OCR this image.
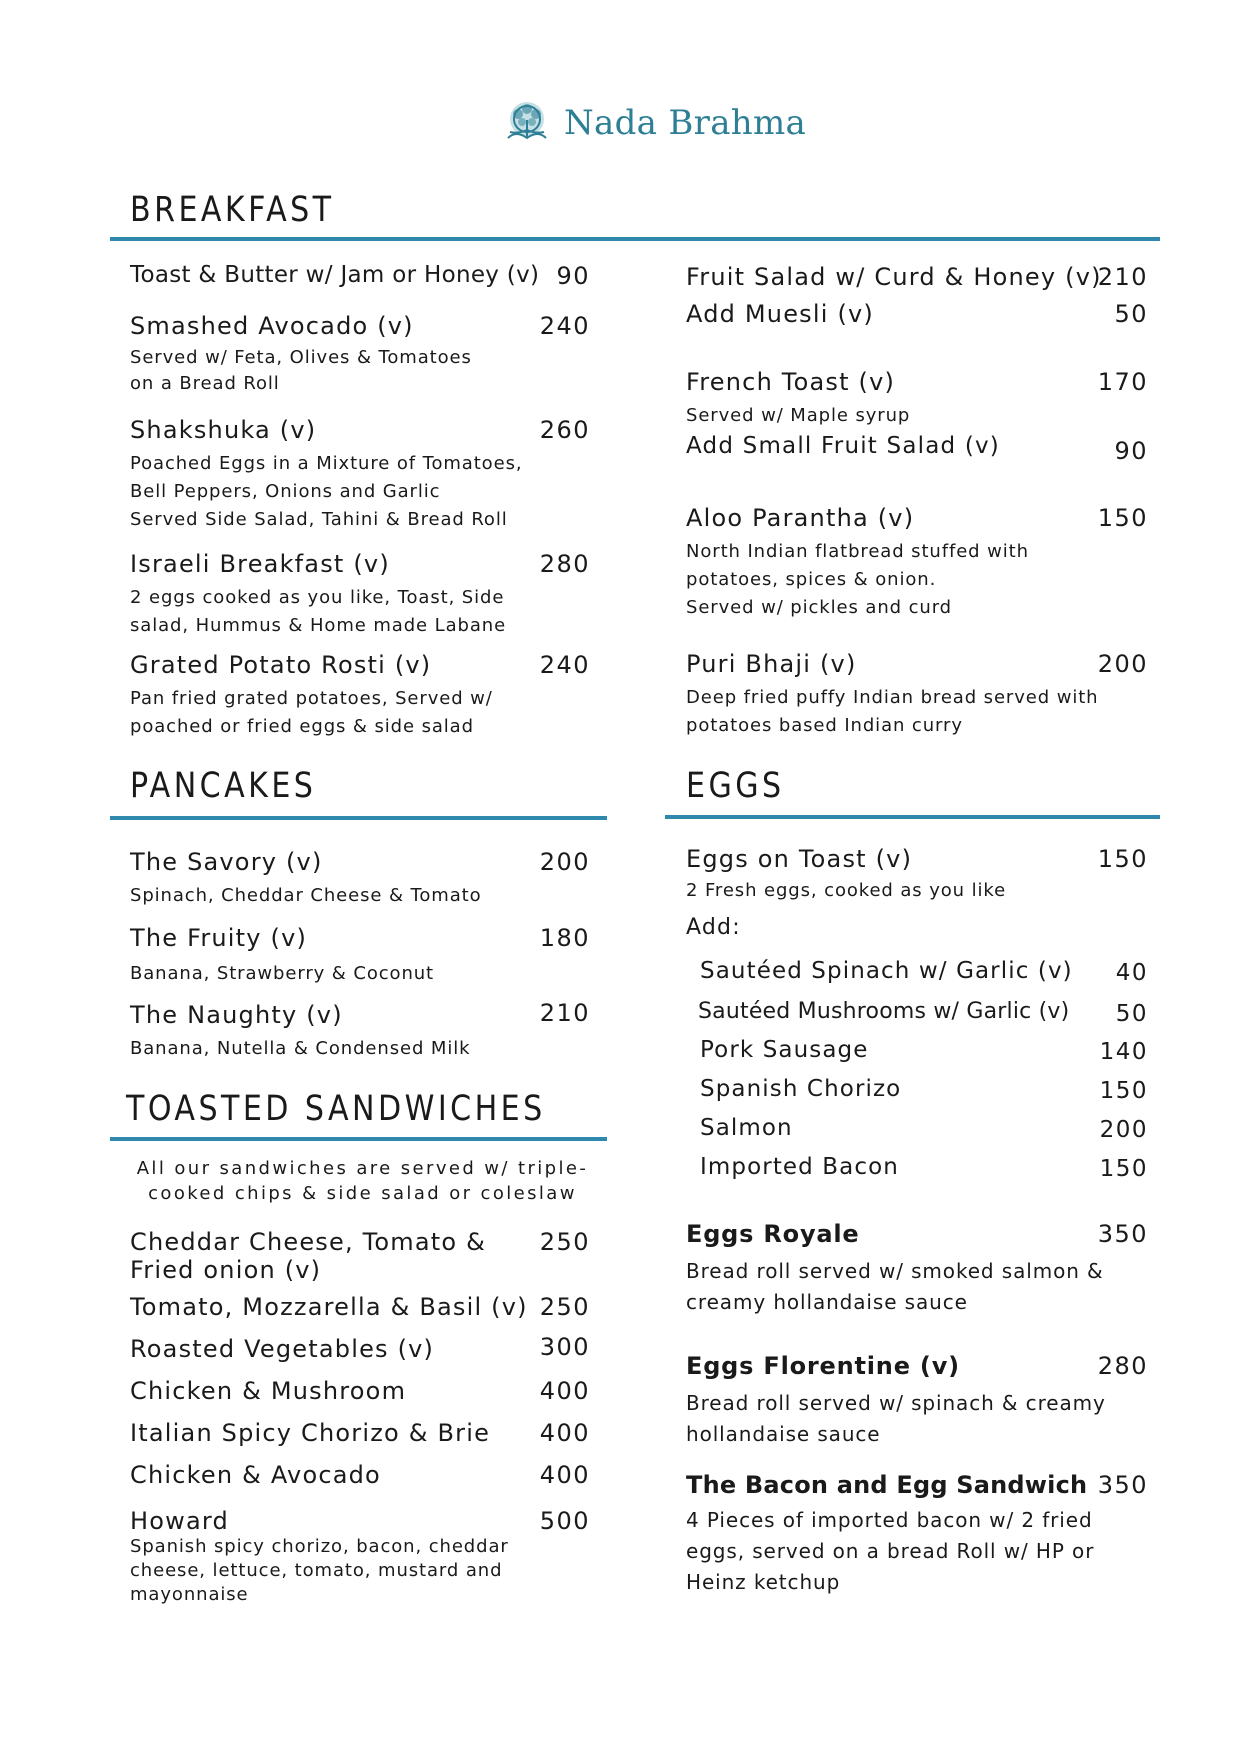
Nada Brahma
BREAKFAST
PANCAKES	EGGS
TOASTED SANDWICHES
Toast & Butter w/ Jam or Honey (v) 90
Smashed Avocado (v)	240
Served w/ Feta, Olives & Tomatoes
on a Bread Roll
Shakshuka (v)	260
Poached Eggs in a Mixture of Tomatoes,
Bell Peppers, Onions and Garlic
Served Side Salad, Tahini & Bread Roll
Israeli Breakfast (v)	280
2 eggs cooked as you like, Toast, Side
salad, Hummus & Home made Labane
Grated Potato Rosti (v)	240
Pan fried grated potatoes, Served w/
poached or fried eggs & side salad
Fruit Salad w/ Curd & Honey (v)
210
Add Muesli (v)	50
French Toast (v)	170
Served w/ Maple syrup
Add Small Fruit Salad (v)	90
Aloo Parantha (v)	150
North Indian flatbread stuffed with
potatoes, spices & onion.
Served w/ pickles and curd
Puri Bhaji (v)	200
Deep fried puffy Indian bread served with
potatoes based Indian curry
The Savory (v)	200
Spinach, Cheddar Cheese & Tomato
The Fruity (v)	180
Banana, Strawberry & Coconut
The Naughty (v)	210
Banana, Nutella & Condensed Milk
All our sandwiches are served w/ triple-cooked chips & side salad or coleslaw
Cheddar Cheese, Tomato & 250
Fried onion (v)
Tomato, Mozzarella & Basil (v) 250
Roasted Vegetables (v)	300
Chicken & Mushroom	400
Italian Spicy Chorizo & Brie 400
Chicken & Avocado	400
Howard	500
Spanish spicy chorizo, bacon, cheddar
cheese, lettuce, tomato, mustard and
mayonnaise
Eggs on Toast (v)	150
2 Fresh eggs, cooked as you like
Add:
Sautéed Spinach w/ Garlic (v) 40
Sautéed Mushrooms w/ Garlic (v) 50
Pork Sausage	140
Spanish Chorizo	150
Salmon	200
Imported Bacon	150
Eggs Royale	350
Bread roll served w/ smoked salmon &
creamy hollandaise sauce
Eggs Florentine (v)	280
Bread roll served w/ spinach & creamy
hollandaise sauce
The Bacon and Egg Sandwich 350
4 Pieces of imported bacon w/ 2 fried
eggs, served on a bread Roll w/ HP or
Heinz ketchup
